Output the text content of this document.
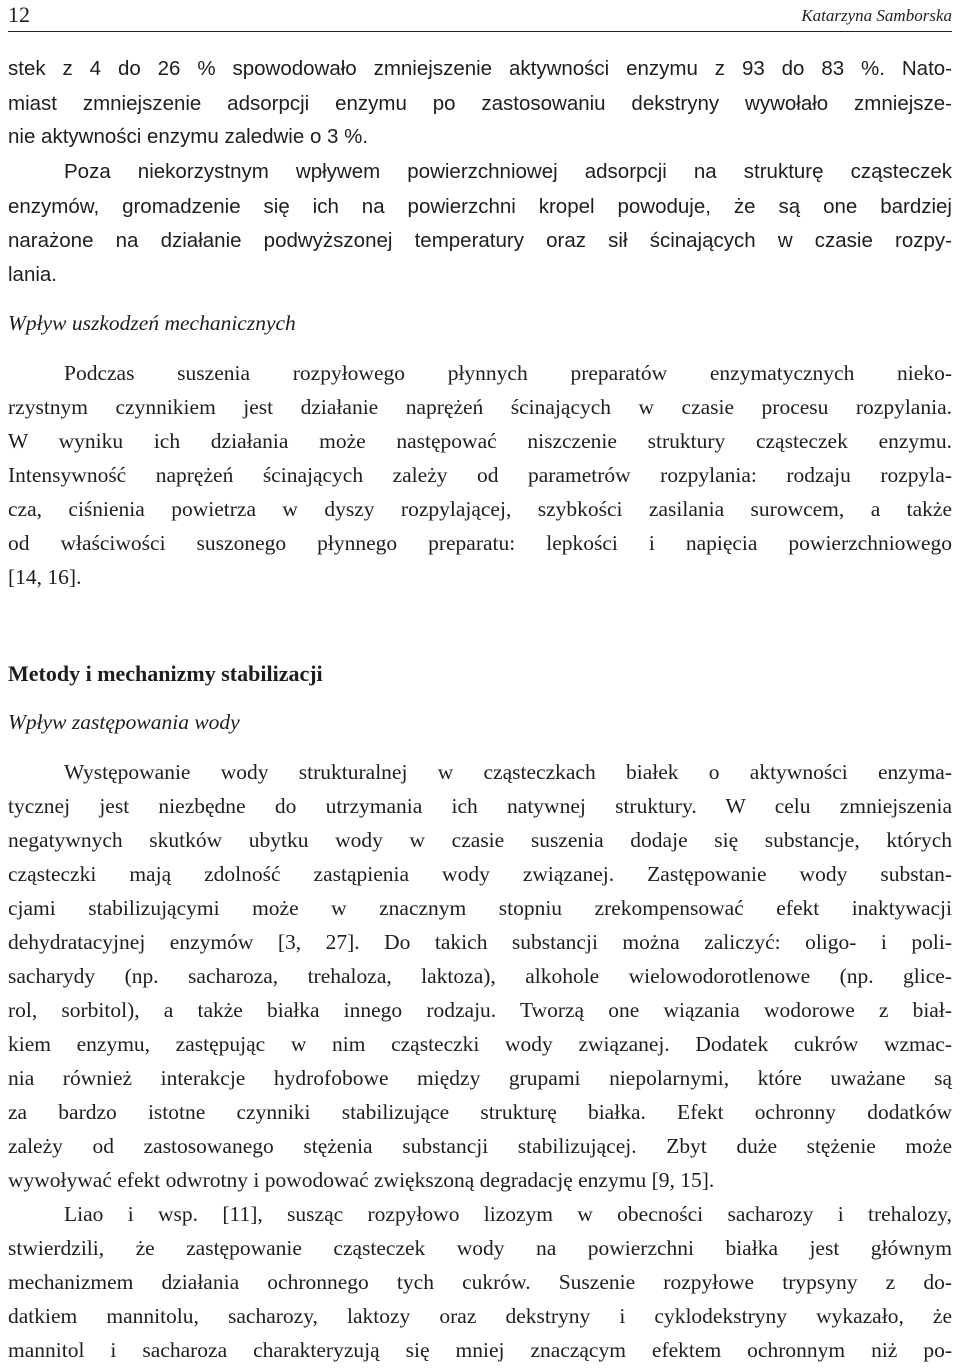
12	Katarzyna Samborska
stek z 4 do 26 % spowodowało zmniejszenie aktywności enzymu z 93 do 83 %. Nato-
miast zmniejszenie adsorpcji enzymu po zastosowaniu dekstryny wywołało zmniejsze-
nie aktywności enzymu zaledwie o 3 %.
Poza niekorzystnym wpływem powierzchniowej adsorpcji na strukturę cząsteczek
enzymów, gromadzenie się ich na powierzchni kropel powoduje, że są one bardziej
narażone na działanie podwyższonej temperatury oraz sił ścinających w czasie rozpy-
lania.
Wpływ uszkodzeń mechanicznych
Podczas suszenia rozpyłowego płynnych preparatów enzymatycznych nieko-
rzystnym czynnikiem jest działanie naprężeń ścinających w czasie procesu rozpylania.
W wyniku ich działania może następować niszczenie struktury cząsteczek enzymu.
Intensywność naprężeń ścinających zależy od parametrów rozpylania: rodzaju rozpyla-
cza, ciśnienia powietrza w dyszy rozpylającej, szybkości zasilania surowcem, a także
od właściwości suszonego płynnego preparatu: lepkości i napięcia powierzchniowego
[14, 16].
Metody i mechanizmy stabilizacji
Wpływ zastępowania wody
Występowanie wody strukturalnej w cząsteczkach białek o aktywności enzyma-
tycznej jest niezbędne do utrzymania ich natywnej struktury. W celu zmniejszenia
negatywnych skutków ubytku wody w czasie suszenia dodaje się substancje, których
cząsteczki mają zdolność zastąpienia wody związanej. Zastępowanie wody substan-
cjami stabilizującymi może w znacznym stopniu zrekompensować efekt inaktywacji
dehydratacyjnej enzymów [3, 27]. Do takich substancji można zaliczyć: oligo- i poli-
sacharydy (np. sacharoza, trehaloza, laktoza), alkohole wielowodorotlenowe (np. glice-
rol, sorbitol), a także białka innego rodzaju. Tworzą one wiązania wodorowe z biał-
kiem enzymu, zastępując w nim cząsteczki wody związanej. Dodatek cukrów wzmac-
nia również interakcje hydrofobowe między grupami niepolarnymi, które uważane są
za bardzo istotne czynniki stabilizujące strukturę białka. Efekt ochronny dodatków
zależy od zastosowanego stężenia substancji stabilizującej. Zbyt duże stężenie może
wywoływać efekt odwrotny i powodować zwiększoną degradację enzymu [9, 15].
Liao i wsp. [11], susząc rozpyłowo lizozym w obecności sacharozy i trehalozy,
stwierdzili, że zastępowanie cząsteczek wody na powierzchni białka jest głównym
mechanizmem działania ochronnego tych cukrów. Suszenie rozpyłowe trypsyny z do-
datkiem mannitolu, sacharozy, laktozy oraz dekstryny i cyklodekstryny wykazało, że
mannitol i sacharoza charakteryzują się mniej znaczącym efektem ochronnym niż po-
